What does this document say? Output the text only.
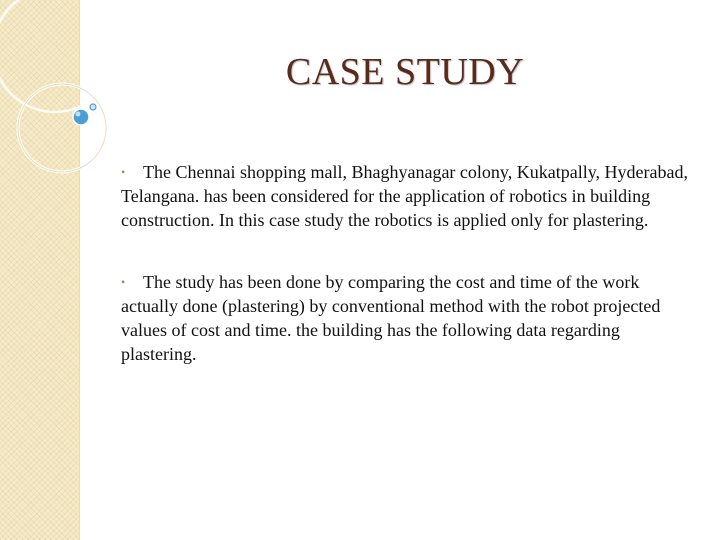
CASE STUDY
• The Chennai shopping mall, Bhaghyanagar colony, Kukatpally, Hyderabad, Telangana. has been considered for the application of robotics in building construction. In this case study the robotics is applied only for plastering.
• The study has been done by comparing the cost and time of the work actually done (plastering) by conventional method with the robot projected values of cost and time. the building has the following data regarding plastering.
